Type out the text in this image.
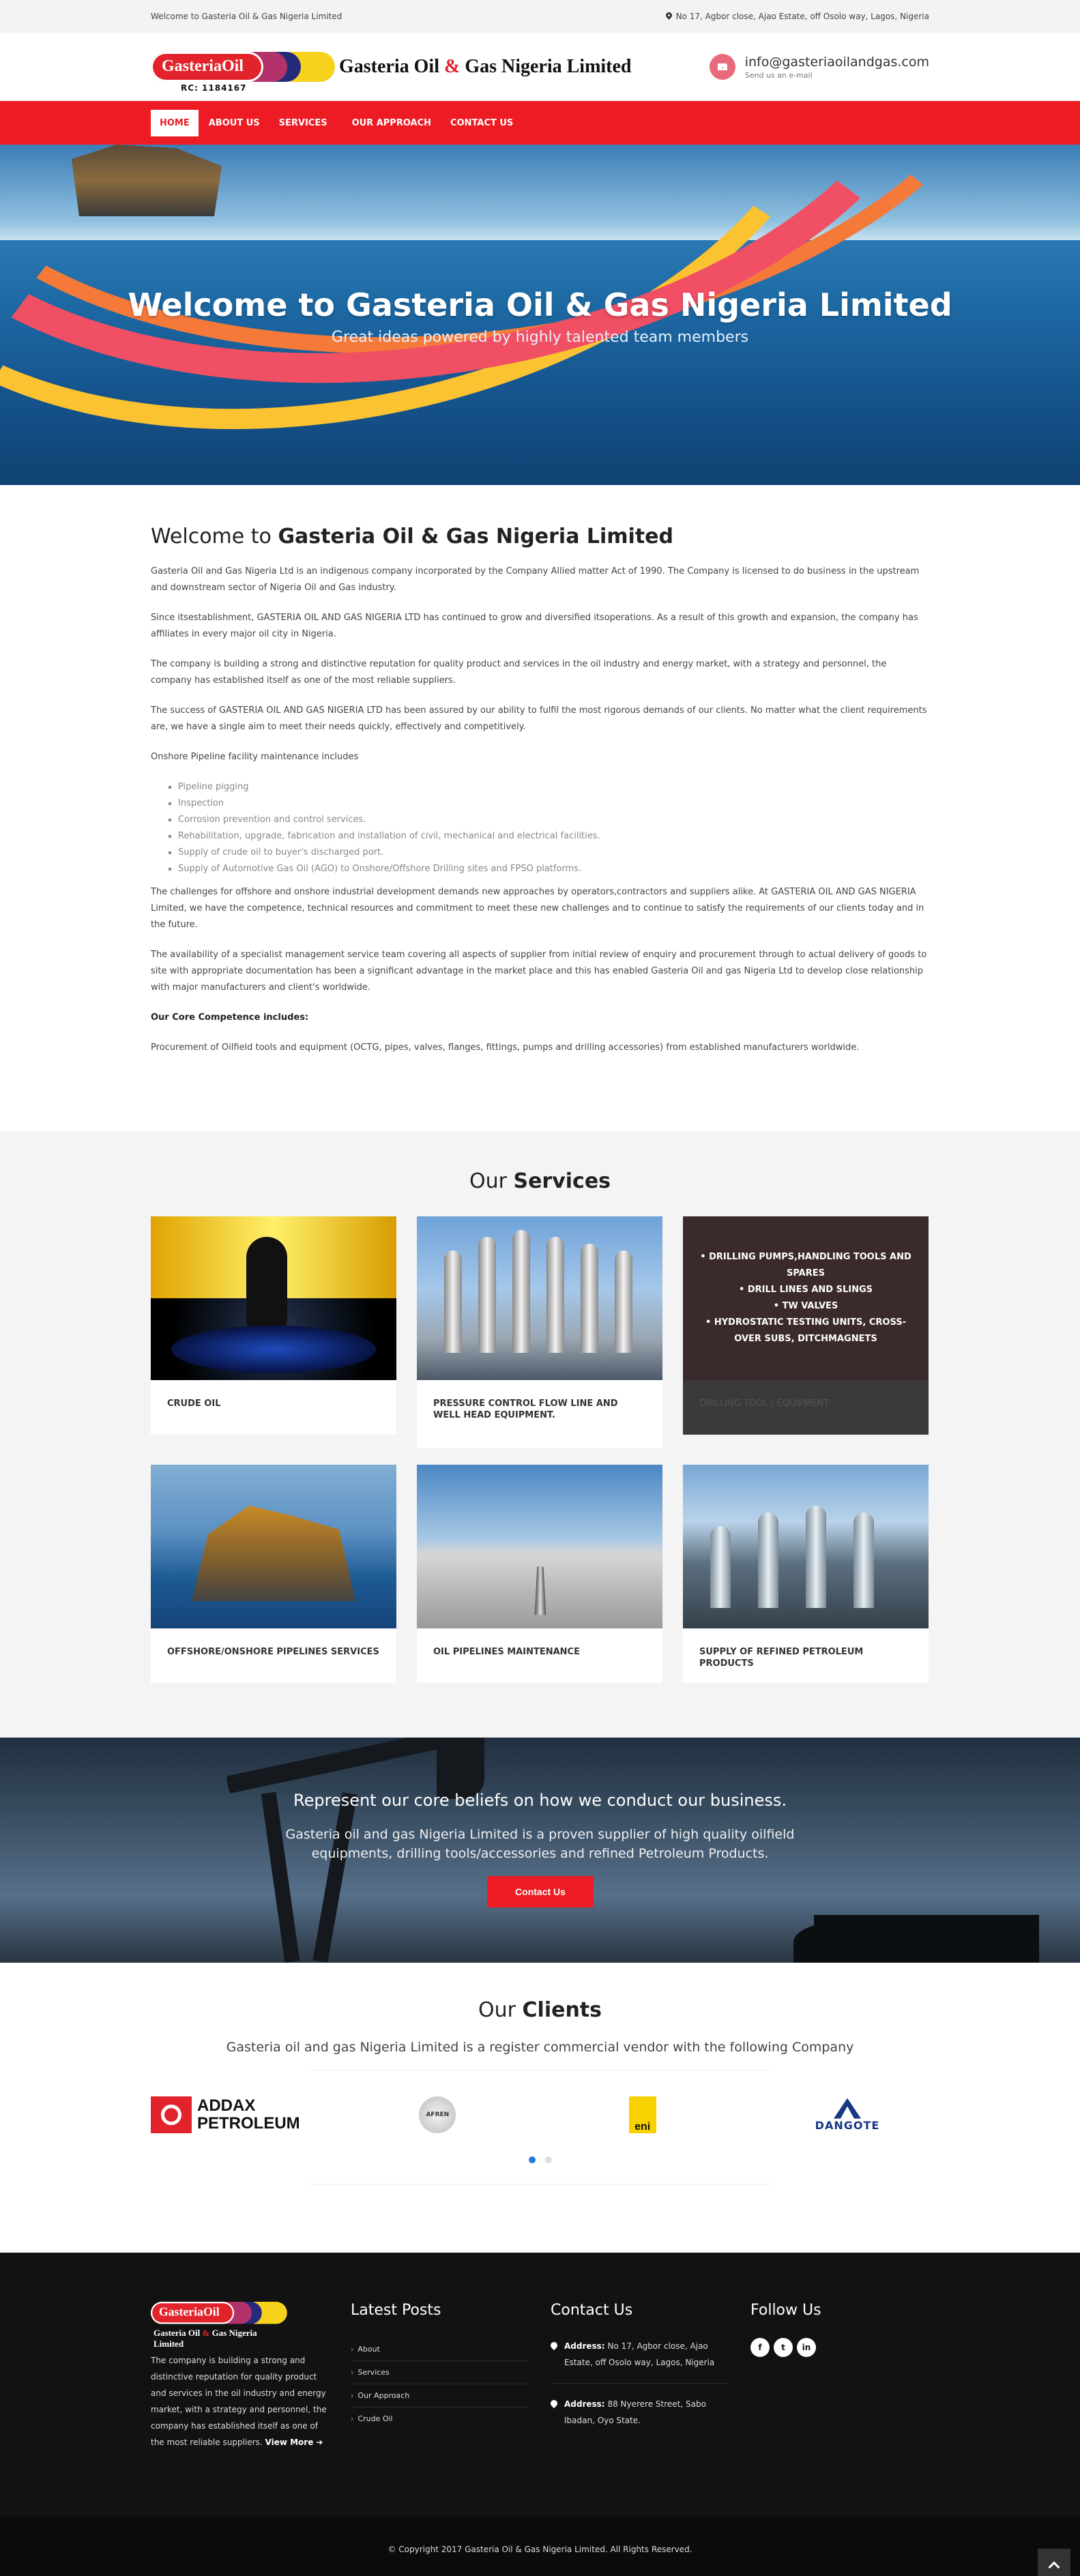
Welcome to Gasteria Oil & Gas Nigeria Limited	No 17, Agbor close, Ajao Estate, off Osolo way, Lagos, Nigeria
GasteriaOil
RC: 1184167
Gasteria Oil & Gas Nigeria Limited	info@gasteriaoilandgas.com
Send us an e-mail
HOME	ABOUT US	SERVICES	OUR APPROACH	CONTACT US
Welcome to Gasteria Oil & Gas Nigeria Limited

Great ideas powered by highly talented team members

Welcome to Gasteria Oil & Gas Nigeria Limited

Gasteria Oil and Gas Nigeria Ltd is an indigenous company incorporated by the Company Allied matter Act of 1990. The Company is licensed to do business in the upstream and downstream sector of Nigeria Oil and Gas industry.

Since itsestablishment, GASTERIA OIL AND GAS NIGERIA LTD has continued to grow and diversified itsoperations. As a result of this growth and expansion, the company has affiliates in every major oil city in Nigeria.

The company is building a strong and distinctive reputation for quality product and services in the oil industry and energy market, with a strategy and personnel, the company has established itself as one of the most reliable suppliers.

The success of GASTERIA OIL AND GAS NIGERIA LTD has been assured by our ability to fulfil the most rigorous demands of our clients. No matter what the client requirements are, we have a single aim to meet their needs quickly, effectively and competitively.

Onshore Pipeline facility maintenance includes

▪ Pipeline pigging
▪ Inspection
▪ Corrosion prevention and control services.
▪ Rehabilitation, upgrade, fabrication and installation of civil, mechanical and electrical facilities.
▪ Supply of crude oil to buyer's discharged port.
▪ Supply of Automotive Gas Oil (AGO) to Onshore/Offshore Drilling sites and FPSO platforms.

The challenges for offshore and onshore industrial development demands new approaches by operators,contractors and suppliers alike. At GASTERIA OIL AND GAS NIGERIA Limited, we have the competence, technical resources and commitment to meet these new challenges and to continue to satisfy the requirements of our clients today and in the future.

The availability of a specialist management service team covering all aspects of supplier from initial review of enquiry and procurement through to actual delivery of goods to site with appropriate documentation has been a significant advantage in the market place and this has enabled Gasteria Oil and gas Nigeria Ltd to develop close relationship with major manufacturers and client's worldwide.

Our Core Competence includes:

Procurement of Oilfield tools and equipment (OCTG, pipes, valves, flanges, fittings, pumps and drilling accessories) from established manufacturers worldwide.

Our Services
CRUDE OIL	PRESSURE CONTROL FLOW LINE AND WELL HEAD EQUIPMENT.
• DRILLING PUMPS,HANDLING TOOLS AND SPARES
• DRILL LINES AND SLINGS
• TW VALVES
• HYDROSTATIC TESTING UNITS, CROSS-OVER SUBS, DITCHMAGNETS
DRILLING TOOL / EQUIPMENT
OFFSHORE/ONSHORE PIPELINES SERVICES	OIL PIPELINES MAINTENANCE	SUPPLY OF REFINED PETROLEUM PRODUCTS
Represent our core beliefs on how we conduct our business.

Gasteria oil and gas Nigeria Limited is a proven supplier of high quality oilfield equipments, drilling tools/accessories and refined Petroleum Products.

Contact Us
Our Clients
Gasteria oil and gas Nigeria Limited is a register commercial vendor with the following Company
ADDAX
PETROLEUM	AFREN
eni	DANGOTE
GasteriaOil
Gasteria Oil & Gas Nigeria Limited

The company is building a strong and distinctive reputation for quality product and services in the oil industry and energy market, with a strategy and personnel, the company has established itself as one of the most reliable suppliers. View More ➔

Latest Posts
› About
› Services
› Our Approach
› Crude Oil
Contact Us
Address: No 17, Agbor close, Ajao Estate, off Osolo way, Lagos, Nigeria
Address: 88 Nyerere Street, Sabo Ibadan, Oyo State.
Follow Us
f	t	in
© Copyright 2017 Gasteria Oil & Gas Nigeria Limited. All Rights Reserved.
